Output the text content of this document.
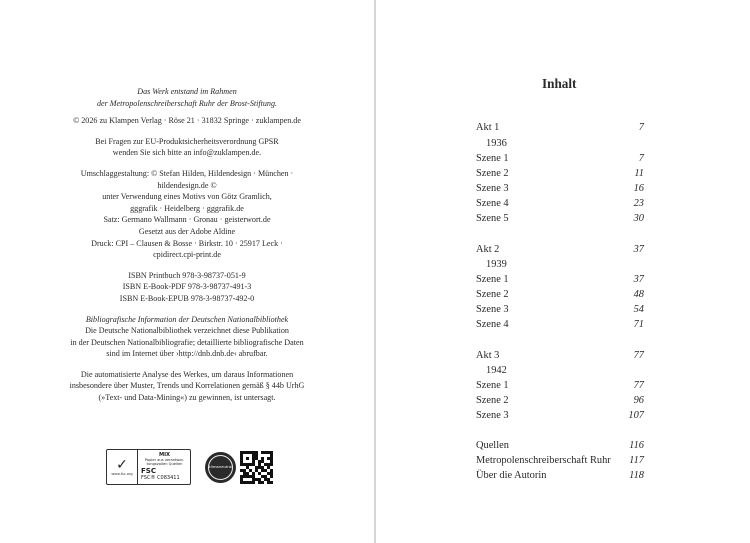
Das Werk entstand im Rahmen
der Metropolenschreiberschaft Ruhr der Brost-Stiftung.
© 2026 zu Klampen Verlag · Röse 21 · 31832 Springe · zuklampen.de
Bei Fragen zur EU-Produktsicherheitsverordnung GPSR
wenden Sie sich bitte an info@zuklampen.de.
Umschlaggestaltung: © Stefan Hilden, Hildendesign · München ·
hildendesign.de ©
unter Verwendung eines Motivs von Götz Gramlich,
gggrafik · Heidelberg · gggrafik.de
Satz: Germano Wallmann · Gronau · geisterwort.de
Gesetzt aus der Adobe Aldine
Druck: CPI – Clausen & Bosse · Birkstr. 10 · 25917 Leck ·
cpidirect.cpi-print.de
ISBN Printbuch 978-3-98737-051-9
ISBN E-Book-PDF 978-3-98737-491-3
ISBN E-Book-EPUB 978-3-98737-492-0
Bibliografische Information der Deutschen Nationalbibliothek
Die Deutsche Nationalbibliothek verzeichnet diese Publikation
in der Deutschen Nationalbibliografie; detaillierte bibliografische Daten
sind im Internet über ›http://dnb.dnb.de‹ abrufbar.
Die automatisierte Analyse des Werkes, um daraus Informationen
insbesondere über Muster, Trends und Korrelationen gemäß § 44b UrhG
(»Text- und Data-Mining«) zu gewinnen, ist untersagt.
✓
www.fsc.org
MIX
Papier aus verantwor-
tungsvollen Quellen
FSC
FSC® C083411
klimaneutral
Inhalt
Akt 1	7
1936
Szene 1	7
Szene 2	11
Szene 3	16
Szene 4	23
Szene 5	30
Akt 2	37
1939
Szene 1	37
Szene 2	48
Szene 3	54
Szene 4	71
Akt 3	77
1942
Szene 1	77
Szene 2	96
Szene 3	107
Quellen	116
Metropolenschreiberschaft Ruhr 117
Über die Autorin	118
